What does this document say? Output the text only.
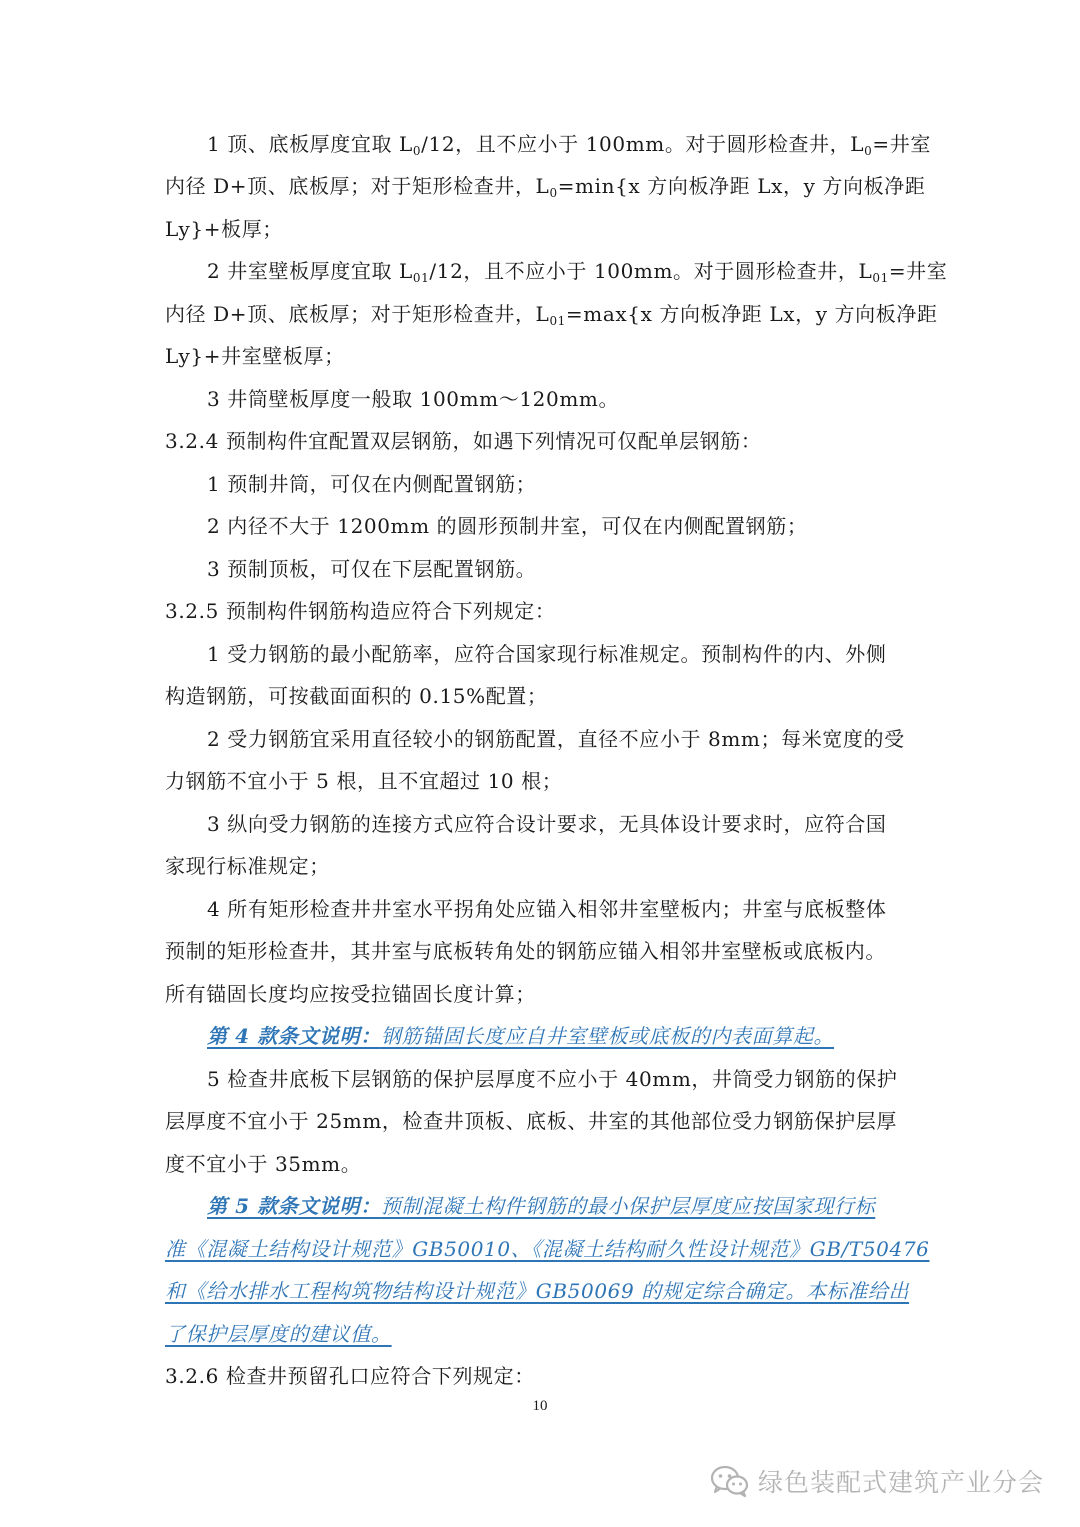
1 顶、底板厚度宜取 $L_0/12$，且不应小于 100mm。对于圆形检查井，$L_0=$井室
内径 D+顶、底板厚；对于矩形检查井，$L_0=\min\{x$ 方向板净距 Lx，y 方向板净距
Ly}+板厚；
2 井室壁板厚度宜取 $L_{01}/12$，且不应小于 100mm。对于圆形检查井，$L_{01}=$井室
内径 D+顶、底板厚；对于矩形检查井，$L_{01}=\max\{x$ 方向板净距 Lx，y 方向板净距
Ly}+井室壁板厚；
3 井筒壁板厚度一般取 100mm～120mm。
3.2.4 预制构件宜配置双层钢筋，如遇下列情况可仅配单层钢筋：
1 预制井筒，可仅在内侧配置钢筋；
2 内径不大于 1200mm 的圆形预制井室，可仅在内侧配置钢筋；
3 预制顶板，可仅在下层配置钢筋。
3.2.5 预制构件钢筋构造应符合下列规定：
1 受力钢筋的最小配筋率，应符合国家现行标准规定。预制构件的内、外侧
构造钢筋，可按截面面积的 0.15%配置；
2 受力钢筋宜采用直径较小的钢筋配置，直径不应小于 8mm；每米宽度的受
力钢筋不宜小于 5 根，且不宜超过 10 根；
3 纵向受力钢筋的连接方式应符合设计要求，无具体设计要求时，应符合国
家现行标准规定；
4 所有矩形检查井井室水平拐角处应锚入相邻井室壁板内；井室与底板整体
预制的矩形检查井，其井室与底板转角处的钢筋应锚入相邻井室壁板或底板内。
所有锚固长度均应按受拉锚固长度计算；
第 4 款条文说明：钢筋锚固长度应自井室壁板或底板的内表面算起。
5 检查井底板下层钢筋的保护层厚度不应小于 40mm，井筒受力钢筋的保护
层厚度不宜小于 25mm，检查井顶板、底板、井室的其他部位受力钢筋保护层厚
度不宜小于 35mm。
第 5 款条文说明：预制混凝土构件钢筋的最小保护层厚度应按国家现行标
准《混凝土结构设计规范》GB50010、《混凝土结构耐久性设计规范》GB/T50476
和《给水排水工程构筑物结构设计规范》GB50069 的规定综合确定。本标准给出
了保护层厚度的建议值。
3.2.6 检查井预留孔口应符合下列规定：
10
绿色装配式建筑产业分会
